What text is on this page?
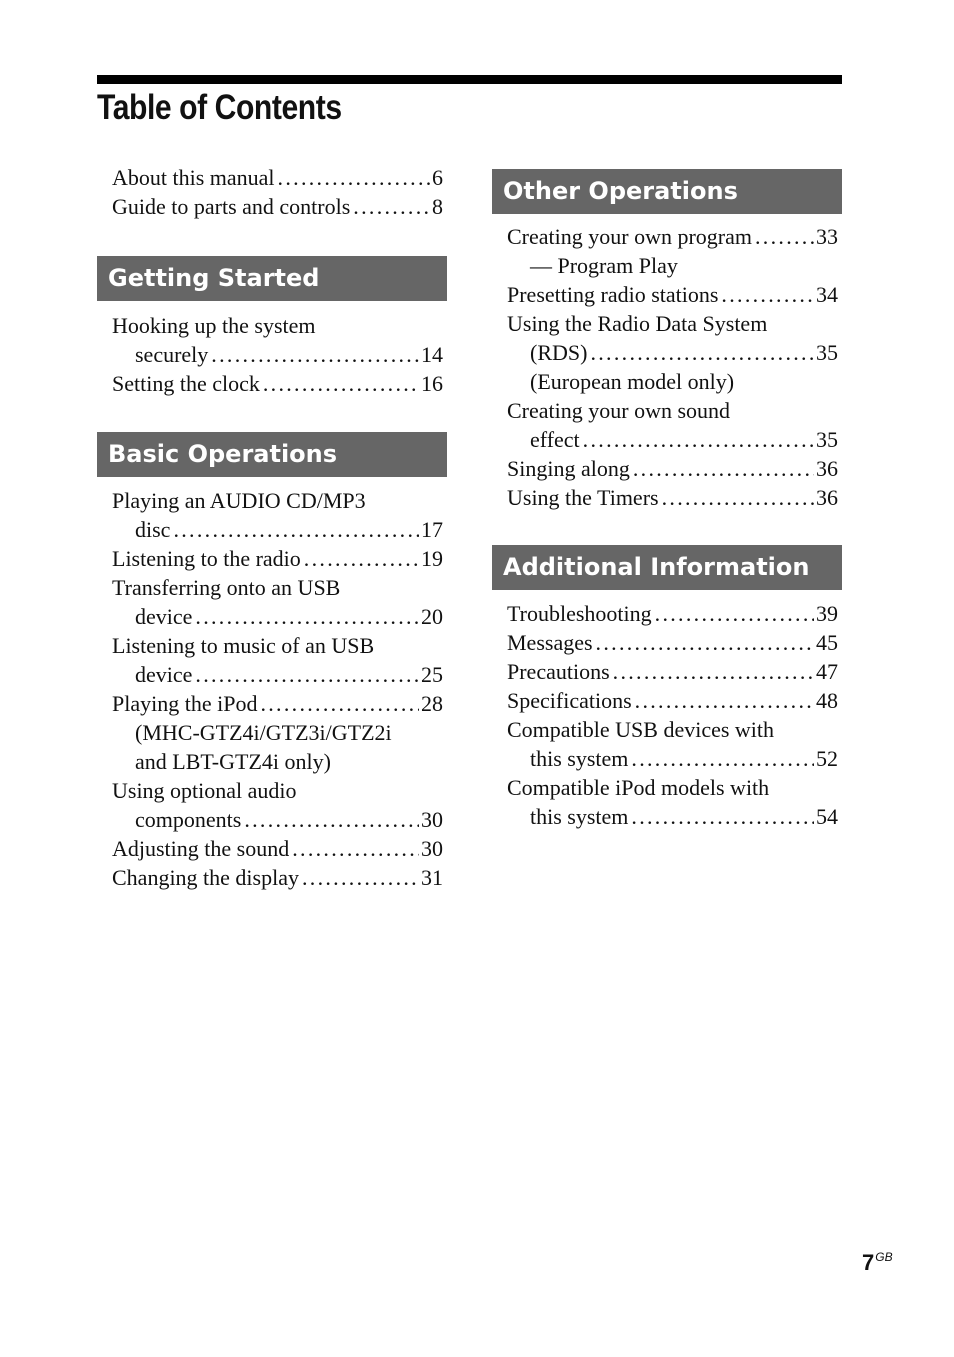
Table of Contents
About this manual . . .	6
Guide to parts and controls . . .	8
Getting Started
Hooking up the system
securely . . .	14
Setting the clock . . .	16
Basic Operations
Playing an AUDIO CD/MP3
disc . . .	17
Listening to the radio . . .	19
Transferring onto an USB
device . . .	20
Listening to music of an USB
device . . .	25
Playing the iPod . . .	28
(MHC-GTZ4i/GTZ3i/GTZ2i
and LBT-GTZ4i only)
Using optional audio
components . . .	30
Adjusting the sound . . .	30
Changing the display . . .	31
Other Operations
Creating your own program . . .	33
— Program Play
Presetting radio stations . . .	34
Using the Radio Data System
(RDS) . . .	35
(European model only)
Creating your own sound
effect . . .	35
Singing along . . .	36
Using the Timers . . .	36
Additional Information
Troubleshooting . . .	39
Messages . . .	45
Precautions . . .	47
Specifications . . .	48
Compatible USB devices with
this system . . .	52
Compatible iPod models with
this system . . .	54
$7^{GB}$
